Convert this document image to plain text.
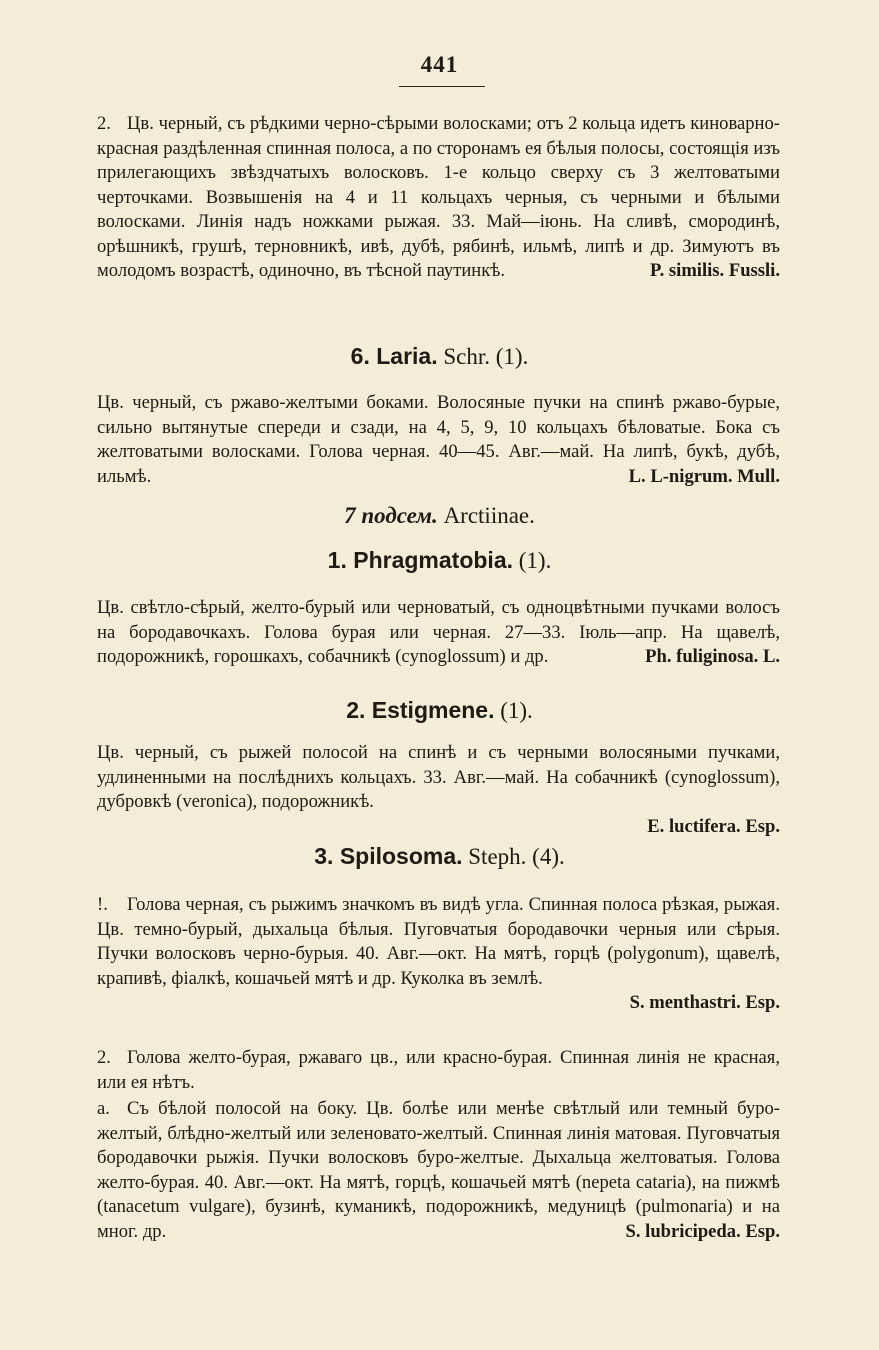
441
2. Цв. черный, съ рѣдкими черно-сѣрыми волосками; отъ 2 кольца идетъ киноварно-красная раздѣленная спинная полоса, а по сторонамъ ея бѣлыя полосы, состоящія изъ прилегающихъ звѣздчатыхъ волосковъ. 1-е кольцо сверху съ 3 желтоватыми черточками. Возвышенія на 4 и 11 кольцахъ черныя, съ черными и бѣлыми волосками. Линія надъ ножками рыжая. 33. Май—іюнь. На сливѣ, смородинѣ, орѣшникѣ, грушѣ, терновникѣ, ивѣ, дубѣ, рябинѣ, ильмѣ, липѣ и др. Зимуютъ въ молодомъ возрастѣ, одиночно, въ тѣсной паутинкѣ.	P. similis. Fussli.
6. Laria. Schr. (1).
Цв. черный, съ ржаво-желтыми боками. Волосяные пучки на спинѣ ржаво-бурые, сильно вытянутые спереди и сзади, на 4, 5, 9, 10 кольцахъ бѣловатые. Бока съ желтоватыми волосками. Голова черная. 40—45. Авг.—май. На липѣ, букѣ, дубѣ, ильмѣ.	L. L-nigrum. Mull.
7 подсем. Arctiinae.
1. Phragmatobia. (1).
Цв. свѣтло-сѣрый, желто-бурый или черноватый, съ одноцвѣтными пучками волосъ на бородавочкахъ. Голова бурая или черная. 27—33. Іюль—апр. На щавелѣ, подорожникѣ, горошкахъ, собачникѣ (cynoglossum) и др.	Ph. fuliginosa. L.
2. Estigmene. (1).
Цв. черный, съ рыжей полосой на спинѣ и съ черными волосяными пучками, удлиненными на послѣднихъ кольцахъ. 33. Авг.—май. На собачникѣ (cynoglossum), дубровкѣ (veronica), подорожникѣ.
E. luctifera. Esp.
3. Spilosoma. Steph. (4).
!. Голова черная, съ рыжимъ значкомъ въ видѣ угла. Спинная полоса рѣзкая, рыжая. Цв. темно-бурый, дыхальца бѣлыя. Пуговчатыя бородавочки черныя или сѣрыя. Пучки волосковъ черно-бурыя. 40. Авг.—окт. На мятѣ, горцѣ (polygonum), щавелѣ, крапивѣ, фіалкѣ, кошачьей мятѣ и др. Куколка въ землѣ.
S. menthastri. Esp.
2. Голова желто-бурая, ржаваго цв., или красно-бурая. Спинная линія не красная, или ея нѣтъ.
а. Съ бѣлой полосой на боку. Цв. болѣе или менѣе свѣтлый или темный буро-желтый, блѣдно-желтый или зеленовато-желтый. Спинная линія матовая. Пуговчатыя бородавочки рыжія. Пучки волосковъ буро-желтые. Дыхальца желтоватыя. Голова желто-бурая. 40. Авг.—окт. На мятѣ, горцѣ, кошачьей мятѣ (nepeta cataria), на пижмѣ (tanacetum vulgare), бузинѣ, куманикѣ, подорожникѣ, медуницѣ (pulmonaria) и на мног. др.	S. lubricipeda. Esp.
